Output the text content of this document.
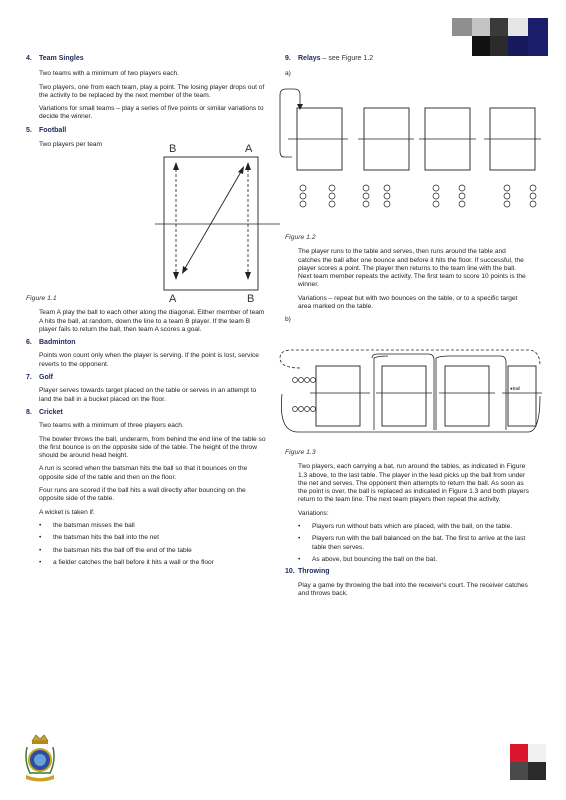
4. Team Singles

Two teams with a minimum of two players each.

Two players, one from each team, play a point. The losing player drops out of the activity to be replaced by the next member of the team.

Variations for small teams – play a series of five points or similar variations to decide the winner.

5. Football

Two players per team	B	A
A	B

Figure 1.1

Team A play the ball to each other along the diagonal. Either member of team A hits the ball, at random, down the line to a team B player. If the team B player fails to return the ball, then team A scores a goal.

6. Badminton

Points won count only when the player is serving. If the point is lost, service reverts to the opponent.

7. Golf

Player serves towards target placed on the table or serves in an attempt to land the ball in a bucket placed on the floor.

8. Cricket

Two teams with a minimum of three players each.

The bowler throws the ball, underarm, from behind the end line of the table so the first bounce is on the opposite side of the table. The height of the throw should be around head height.

A run is scored when the batsman hits the ball so that it bounces on the opposite side of the table and then on the floor.

Four runs are scored if the ball hits a wall directly after bouncing on the opposite side of the table.

A wicket is taken if:

• the batsman misses the ball

• the batsman hits the ball into the net

• the batsman hits the ball off the end of the table

• a fielder catches the ball before it hits a wall or the floor

9. Relays – see Figure 1.2

a)

Figure 1.2

The player runs to the table and serves, then runs around the table and catches the ball after one bounce and before it hits the floor. If successful, the player scores a point. The player then returns to the team line with the ball. Next team member repeats the activity. The first team to score 10 points is the winner.

Variations – repeat but with two bounces on the table, or to a specific target area marked on the table.

b)

●Ball

Figure 1.3

Two players, each carrying a bat, run around the tables, as indicated in Figure 1.3 above, to the last table. The player in the lead picks up the ball from under the net and serves. The opponent then attempts to return the ball. As soon as the point is over, the ball is replaced as indicated in Figure 1.3 and both players return to the team line. The next team players then repeat the activity.

Variations:

• Players run without bats which are placed, with the ball, on the table.

• Players run with the ball balanced on the bat. The first to arrive at the last table then serves.

• As above, but bouncing the ball on the bat.

10. Throwing

Play a game by throwing the ball into the receiver's court. The receiver catches and throws back.
